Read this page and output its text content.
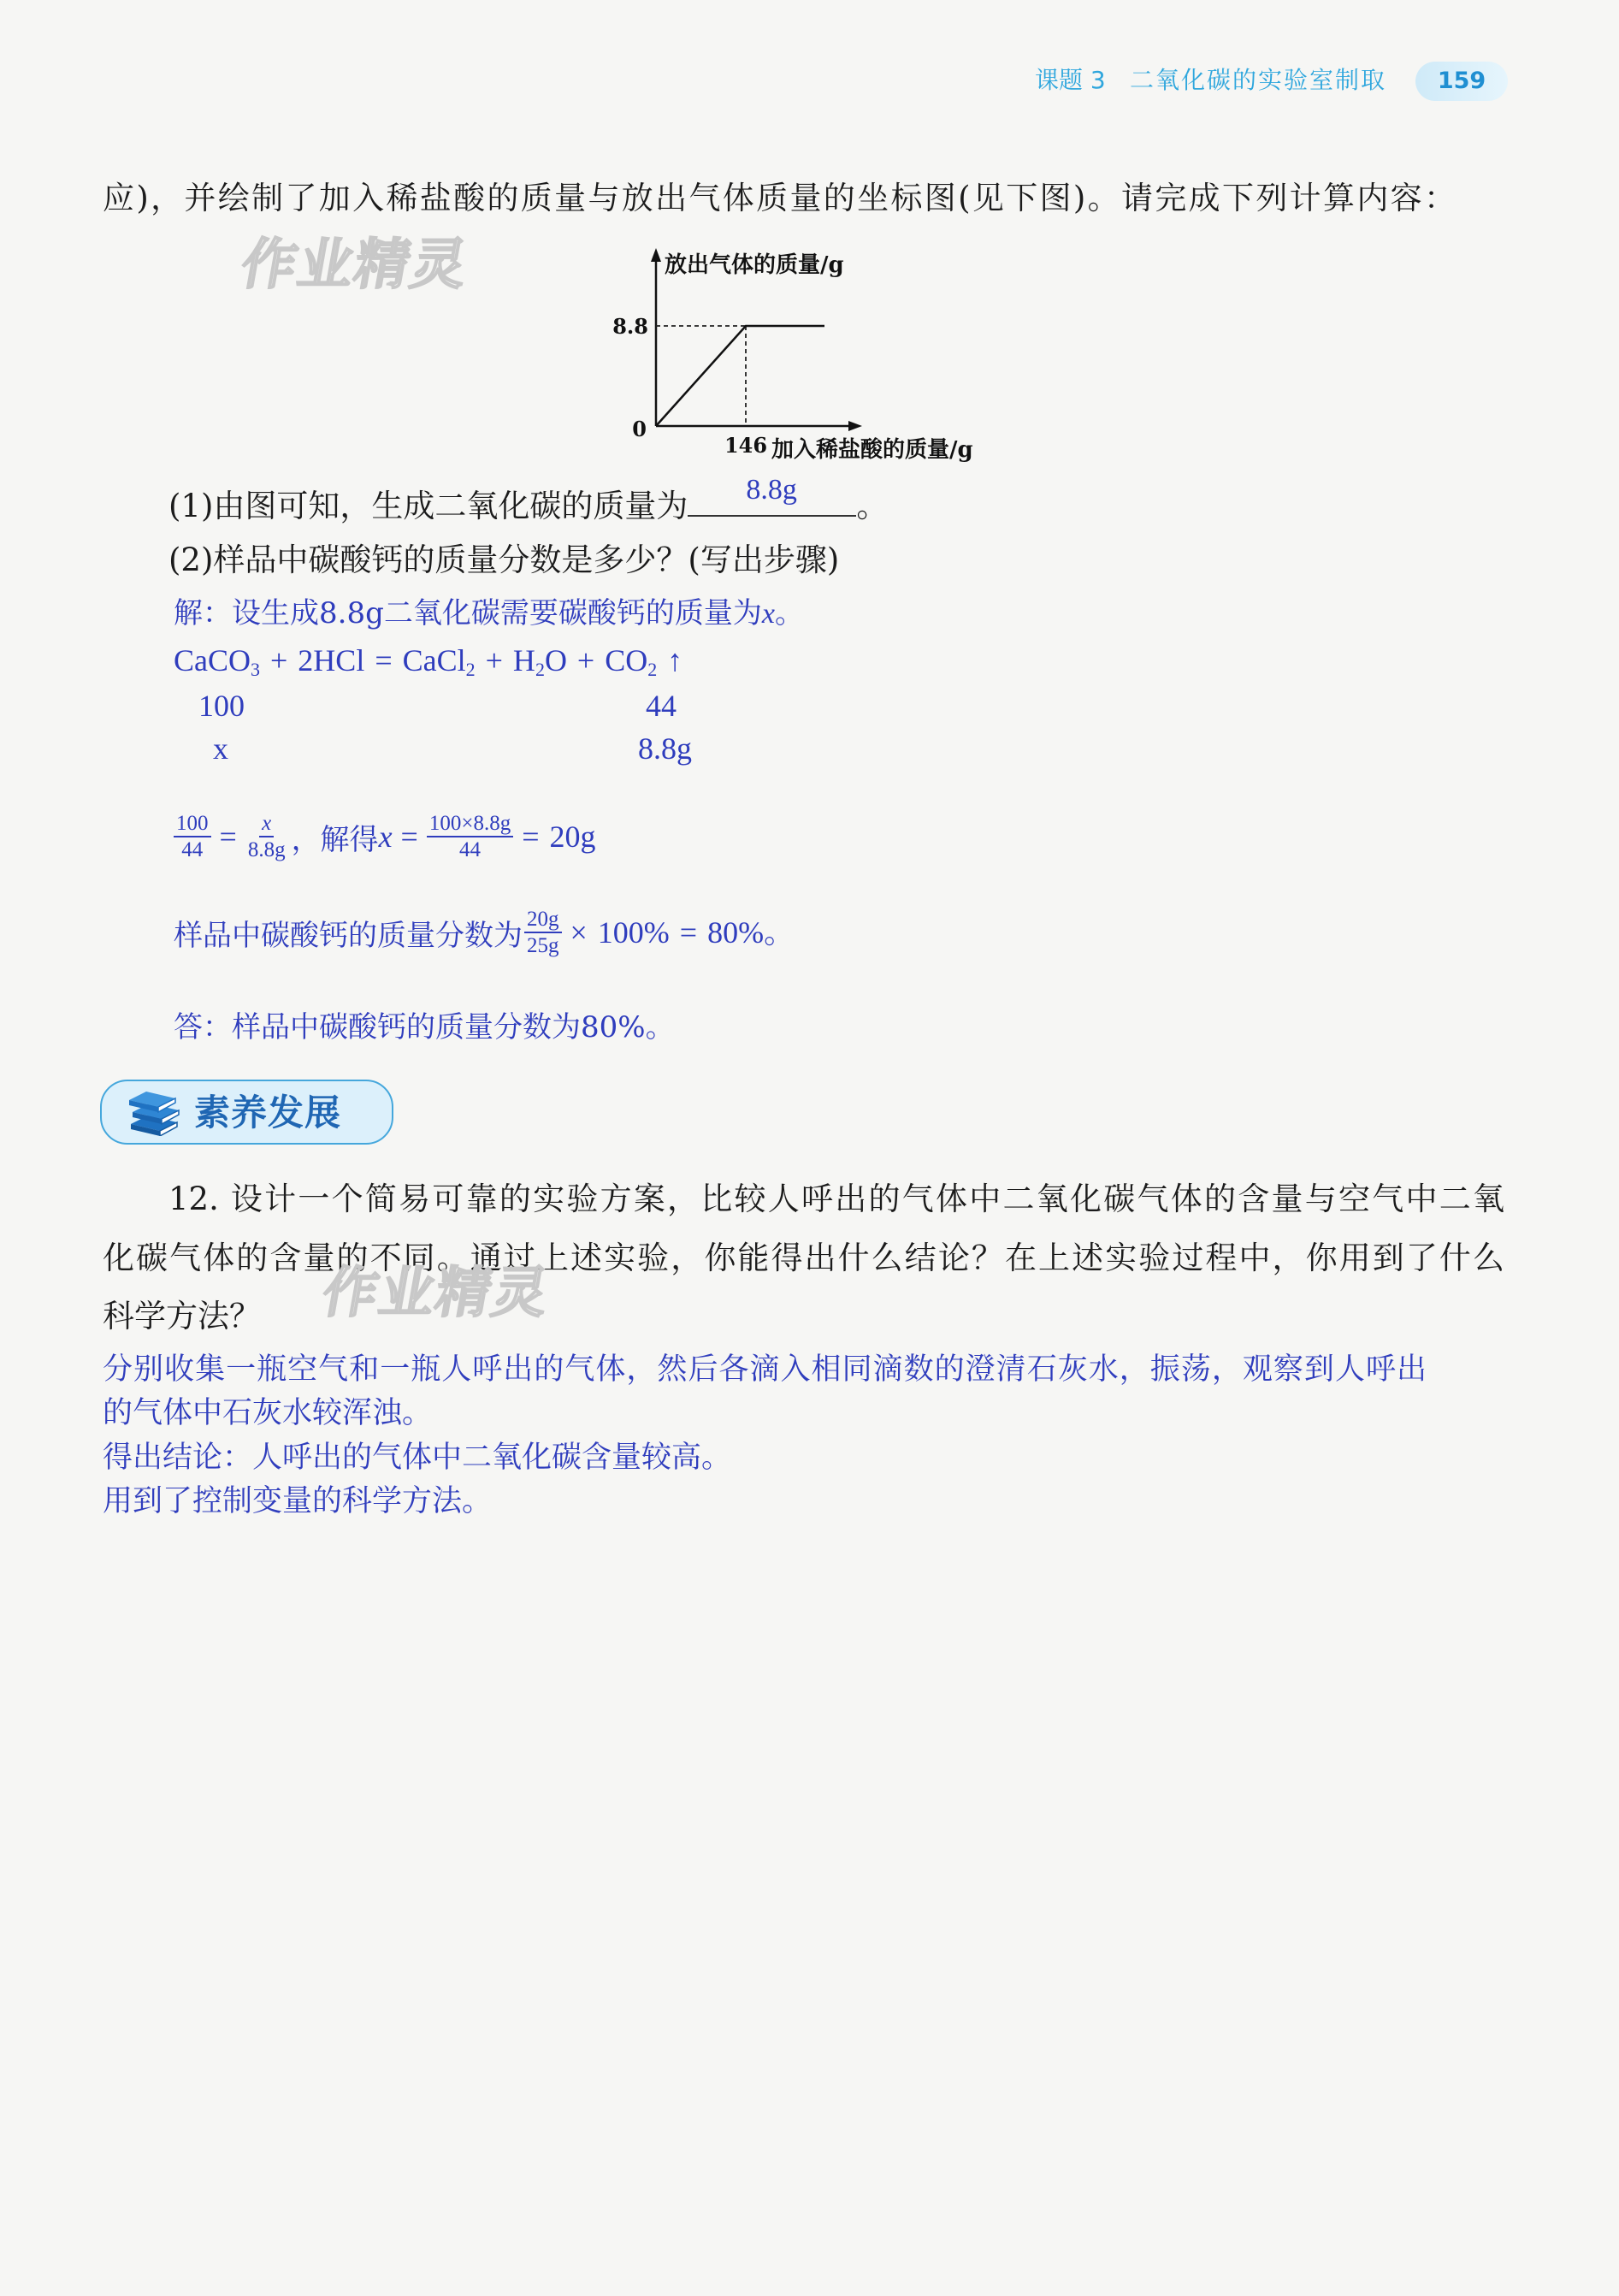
课题 3 二氧化碳的实验室制取	159
应)，并绘制了加入稀盐酸的质量与放出气体质量的坐标图(见下图)。请完成下列计算内容：
作业精灵	放出气体的质量/g
8.8
0
146 加入稀盐酸的质量/g
(1)由图可知，生成二氧化碳的质量为 8.8g 。
(2)样品中碳酸钙的质量分数是多少？(写出步骤)
解：设生成8.8g二氧化碳需要碳酸钙的质量为x。
CaCO$_3$ + 2HCl = CaCl$_2$ + $H_2O + CO_2$ ↑
100	44
x	8.8g
$\frac{100}{44} = \frac{x}{8.8g}$ ，解得 $x = \frac{100\times 8.8g}{44} = 20g$
样品中碳酸钙的质量分数为 $\frac{20g}{25g} \times 100\% = 80\%$。
答：样品中碳酸钙的质量分数为80%。
素养发展
12. 设计一个简易可靠的实验方案，比较人呼出的气体中二氧化碳气体的含量与空气中二氧
化碳气体的含量的不同。通过上述实验，你能得出什么结论？在上述实验过程中，你用到了什么
科学方法？ 作业精灵
分别收集一瓶空气和一瓶人呼出的气体，然后各滴入相同滴数的澄清石灰水，振荡，观察到人呼出
的气体中石灰水较浑浊。
得出结论：人呼出的气体中二氧化碳含量较高。
用到了控制变量的科学方法。
